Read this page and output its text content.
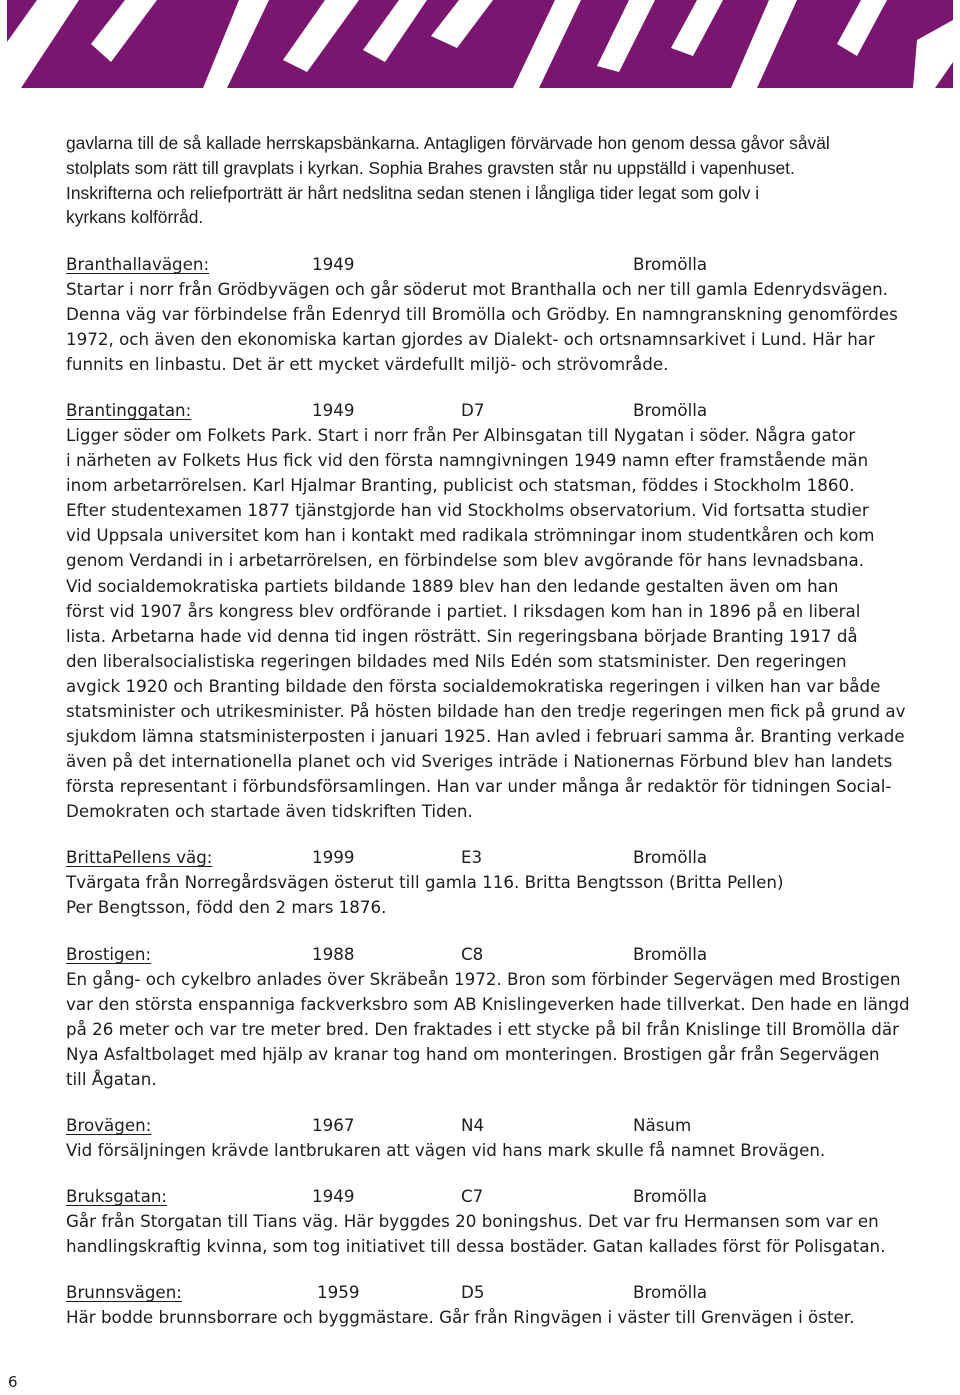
gavlarna till de så kallade herrskapsbänkarna. Antagligen förvärvade hon genom dessa gåvor såväl
stolplats som rätt till gravplats i kyrkan. Sophia Brahes gravsten står nu uppställd i vapenhuset.
Inskrifterna och reliefporträtt är hårt nedslitna sedan stenen i långliga tider legat som golv i
kyrkans kolförråd.

Branthallavägen:	1949	Bromölla

Startar i norr från Grödbyvägen och går söderut mot Branthalla och ner till gamla Edenrydsvägen.
Denna väg var förbindelse från Edenryd till Bromölla och Grödby. En namngranskning genomfördes
1972, och även den ekonomiska kartan gjordes av Dialekt- och ortsnamnsarkivet i Lund. Här har
funnits en linbastu. Det är ett mycket värdefullt miljö- och strövområde.

Brantinggatan:	1949	D7	Bromölla

Ligger söder om Folkets Park. Start i norr från Per Albinsgatan till Nygatan i söder. Några gator
i närheten av Folkets Hus fick vid den första namngivningen 1949 namn efter framstående män
inom arbetarrörelsen. Karl Hjalmar Branting, publicist och statsman, föddes i Stockholm 1860.
Efter studentexamen 1877 tjänstgjorde han vid Stockholms observatorium. Vid fortsatta studier
vid Uppsala universitet kom han i kontakt med radikala strömningar inom studentkåren och kom
genom Verdandi in i arbetarrörelsen, en förbindelse som blev avgörande för hans levnadsbana.
Vid socialdemokratiska partiets bildande 1889 blev han den ledande gestalten även om han
först vid 1907 års kongress blev ordförande i partiet. I riksdagen kom han in 1896 på en liberal
lista. Arbetarna hade vid denna tid ingen rösträtt. Sin regeringsbana började Branting 1917 då
den liberalsocialistiska regeringen bildades med Nils Edén som statsminister. Den regeringen
avgick 1920 och Branting bildade den första socialdemokratiska regeringen i vilken han var både
statsminister och utrikesminister. På hösten bildade han den tredje regeringen men fick på grund av
sjukdom lämna statsministerposten i januari 1925. Han avled i februari samma år. Branting verkade
även på det internationella planet och vid Sveriges inträde i Nationernas Förbund blev han landets
första representant i förbundsförsamlingen. Han var under många år redaktör för tidningen Social-
Demokraten och startade även tidskriften Tiden.

BrittaPellens väg:	1999	E3	Bromölla

Tvärgata från Norregårdsvägen österut till gamla 116. Britta Bengtsson (Britta Pellen)
Per Bengtsson, född den 2 mars 1876.

Brostigen:	1988	C8	Bromölla

En gång- och cykelbro anlades över Skräbeån 1972. Bron som förbinder Segervägen med Brostigen
var den största enspanniga fackverksbro som AB Knislingeverken hade tillverkat. Den hade en längd
på 26 meter och var tre meter bred. Den fraktades i ett stycke på bil från Knislinge till Bromölla där
Nya Asfaltbolaget med hjälp av kranar tog hand om monteringen. Brostigen går från Segervägen
till Ågatan.

Brovägen:	1967	N4	Näsum

Vid försäljningen krävde lantbrukaren att vägen vid hans mark skulle få namnet Brovägen.

Bruksgatan:	1949	C7	Bromölla

Går från Storgatan till Tians väg. Här byggdes 20 boningshus. Det var fru Hermansen som var en
handlingskraftig kvinna, som tog initiativet till dessa bostäder. Gatan kallades först för Polisgatan.

Brunnsvägen:	1959	D5	Bromölla

Här bodde brunnsborrare och byggmästare. Går från Ringvägen i väster till Grenvägen i öster.

6
